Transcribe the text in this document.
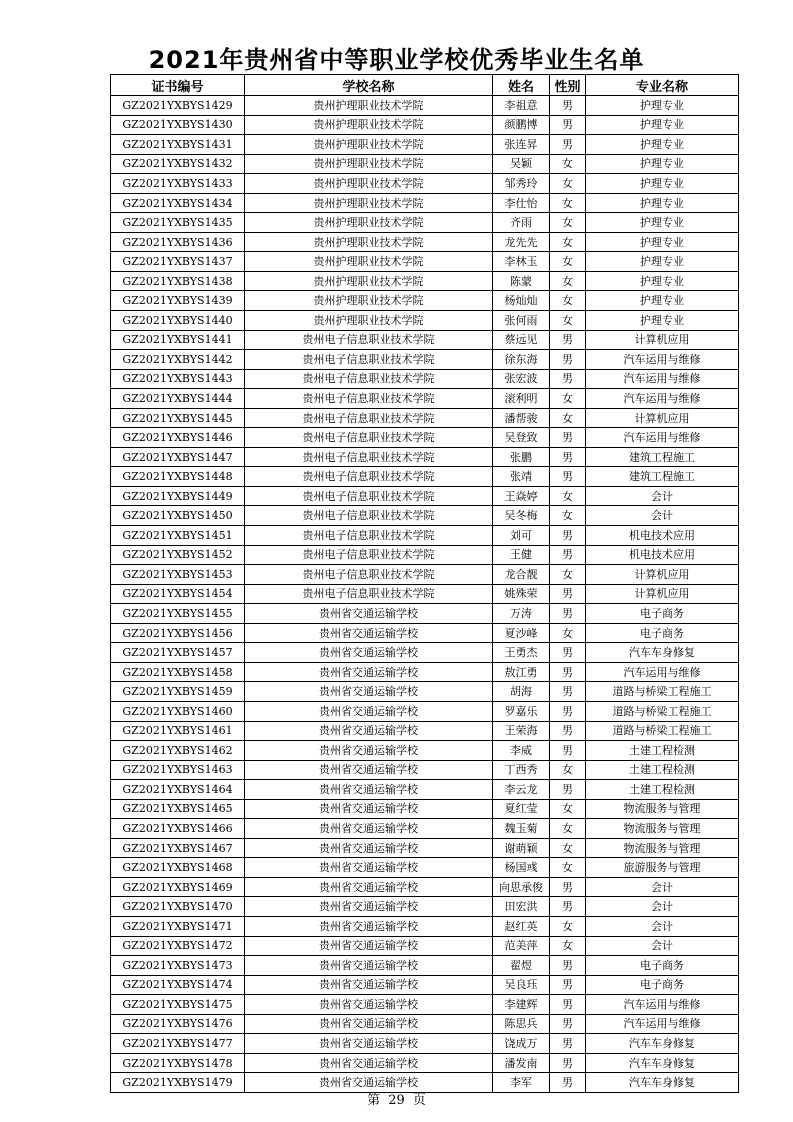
2021年贵州省中等职业学校优秀毕业生名单
证书编号	学校名称	姓名	性别	专业名称
GZ2021YXBYS1429	贵州护理职业技术学院	李祖意	男	护理专业
GZ2021YXBYS1430	贵州护理职业技术学院	颜鹏博	男	护理专业
GZ2021YXBYS1431	贵州护理职业技术学院	张连昇	男	护理专业
GZ2021YXBYS1432	贵州护理职业技术学院	吴颖	女	护理专业
GZ2021YXBYS1433	贵州护理职业技术学院	邹秀玲	女	护理专业
GZ2021YXBYS1434	贵州护理职业技术学院	李仕怡	女	护理专业
GZ2021YXBYS1435	贵州护理职业技术学院	齐雨	女	护理专业
GZ2021YXBYS1436	贵州护理职业技术学院	龙先先	女	护理专业
GZ2021YXBYS1437	贵州护理职业技术学院	李林玉	女	护理专业
GZ2021YXBYS1438	贵州护理职业技术学院	陈蒙	女	护理专业
GZ2021YXBYS1439	贵州护理职业技术学院	杨灿灿	女	护理专业
GZ2021YXBYS1440	贵州护理职业技术学院	张何雨	女	护理专业
GZ2021YXBYS1441	贵州电子信息职业技术学院	蔡远见	男	计算机应用
GZ2021YXBYS1442	贵州电子信息职业技术学院	徐东海	男	汽车运用与维修
GZ2021YXBYS1443	贵州电子信息职业技术学院	张宏波	男	汽车运用与维修
GZ2021YXBYS1444	贵州电子信息职业技术学院	滚利明	女	汽车运用与维修
GZ2021YXBYS1445	贵州电子信息职业技术学院	潘帮骏	女	计算机应用
GZ2021YXBYS1446	贵州电子信息职业技术学院	吴登致	男	汽车运用与维修
GZ2021YXBYS1447	贵州电子信息职业技术学院	张鹏	男	建筑工程施工
GZ2021YXBYS1448	贵州电子信息职业技术学院	张靖	男	建筑工程施工
GZ2021YXBYS1449	贵州电子信息职业技术学院	王焱婷	女	会计
GZ2021YXBYS1450	贵州电子信息职业技术学院	吴冬梅	女	会计
GZ2021YXBYS1451	贵州电子信息职业技术学院	刘可	男	机电技术应用
GZ2021YXBYS1452	贵州电子信息职业技术学院	王健	男	机电技术应用
GZ2021YXBYS1453	贵州电子信息职业技术学院	龙合靓	女	计算机应用
GZ2021YXBYS1454	贵州电子信息职业技术学院	姚殊荣	男	计算机应用
GZ2021YXBYS1455	贵州省交通运输学校	万涛	男	电子商务
GZ2021YXBYS1456	贵州省交通运输学校	夏沙峰	女	电子商务
GZ2021YXBYS1457	贵州省交通运输学校	王勇杰	男	汽车车身修复
GZ2021YXBYS1458	贵州省交通运输学校	敖江勇	男	汽车运用与维修
GZ2021YXBYS1459	贵州省交通运输学校	胡海	男	道路与桥梁工程施工
GZ2021YXBYS1460	贵州省交通运输学校	罗嘉乐	男	道路与桥梁工程施工
GZ2021YXBYS1461	贵州省交通运输学校	王荣海	男	道路与桥梁工程施工
GZ2021YXBYS1462	贵州省交通运输学校	李威	男	土建工程检测
GZ2021YXBYS1463	贵州省交通运输学校	丁西秀	女	土建工程检测
GZ2021YXBYS1464	贵州省交通运输学校	李云龙	男	土建工程检测
GZ2021YXBYS1465	贵州省交通运输学校	夏红莹	女	物流服务与管理
GZ2021YXBYS1466	贵州省交通运输学校	魏玉菊	女	物流服务与管理
GZ2021YXBYS1467	贵州省交通运输学校	谢萌颖	女	物流服务与管理
GZ2021YXBYS1468	贵州省交通运输学校	杨国彧	女	旅游服务与管理
GZ2021YXBYS1469	贵州省交通运输学校	向思承俊	男	会计
GZ2021YXBYS1470	贵州省交通运输学校	田宏洪	男	会计
GZ2021YXBYS1471	贵州省交通运输学校	赵红英	女	会计
GZ2021YXBYS1472	贵州省交通运输学校	范美萍	女	会计
GZ2021YXBYS1473	贵州省交通运输学校	翟煜	男	电子商务
GZ2021YXBYS1474	贵州省交通运输学校	吴良珏	男	电子商务
GZ2021YXBYS1475	贵州省交通运输学校	李建辉	男	汽车运用与维修
GZ2021YXBYS1476	贵州省交通运输学校	陈思兵	男	汽车运用与维修
GZ2021YXBYS1477	贵州省交通运输学校	饶成万	男	汽车车身修复
GZ2021YXBYS1478	贵州省交通运输学校	潘发南	男	汽车车身修复
GZ2021YXBYS1479	贵州省交通运输学校	李军	男	汽车车身修复
第 29 页
